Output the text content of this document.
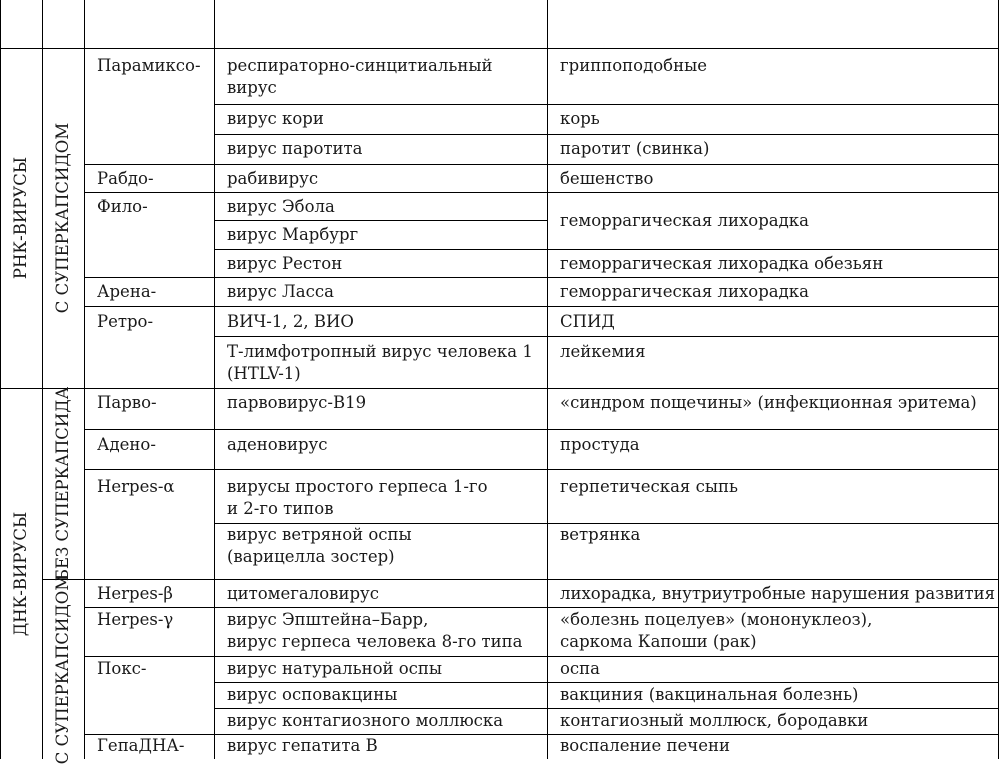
РНК-ВИРУСЫ
ДНК-ВИРУСЫ
С СУПЕРКАПСИДОМ
БЕЗ СУПЕРКАПСИДА
С СУПЕРКАПСИДОМ
Парамиксо-
Рабдо-
Фило-
Арена-
Ретро-
Парво-
Адено-
Herpes-α
Herpes-β
Herpes-γ
Покс-
ГепаДНА-
респираторно-синцитиальный
вирус
вирус кори
вирус паротита
рабивирус
вирус Эбола
вирус Марбург
вирус Рестон
вирус Ласса
ВИЧ-1, 2, ВИО
Т-лимфотропный вирус человека 1
(HTLV-1)
парвовирус-В19
аденовирус
вирусы простого герпеса 1-го
и 2-го типов
вирус ветряной оспы
(варицелла зостер)
цитомегаловирус
вирус Эпштейна–Барр,
вирус герпеса человека 8-го типа
вирус натуральной оспы
вирус осповакцины
вирус контагиозного моллюска
вирус гепатита В
гриппоподобные
корь
паротит (свинка)
бешенство
геморрагическая лихорадка
геморрагическая лихорадка обезьян
геморрагическая лихорадка
СПИД
лейкемия
«синдром пощечины» (инфекционная эритема)
простуда
герпетическая сыпь
ветрянка
лихорадка, внутриутробные нарушения развития
«болезнь поцелуев» (мононуклеоз),
саркома Капоши (рак)
оспа
вакциния (вакцинальная болезнь)
контагиозный моллюск, бородавки
воспаление печени
